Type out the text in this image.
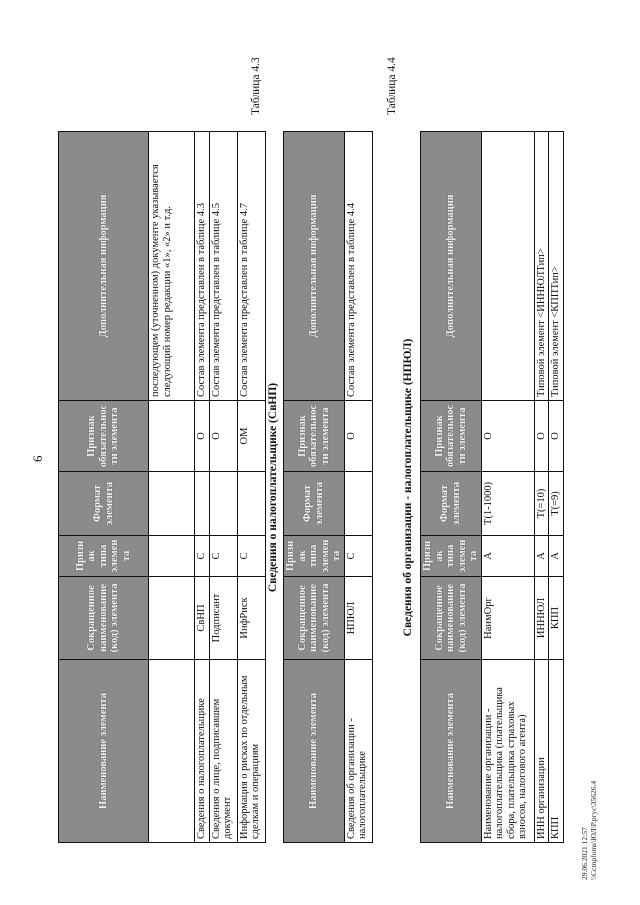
6
Наименование элемента	Сокращенное наименование (код) элемента	Признак типа элемента	Формат элемента	Признак обязательности элемента	Дополнительная информация
					последующем (уточненном) документе указывается следующий номер редакции «1», «2» и т.д.
Сведения о налогоплательщике	СвНП	С		О	Состав элемента представлен в таблице 4.3
Сведения о лице, подписавшем документ	Подписант	С		О	Состав элемента представлен в таблице 4.5
Информация о рисках по отдельным сделкам и операциям	ИнфРиск	С		ОМ	Состав элемента представлен в таблице 4.7
Таблица 4.3
Сведения о налогоплательщике (СвНП)
Наименование элемента	Сокращенное наименование (код) элемента	Признак типа элемента	Формат элемента	Признак обязательности элемента	Дополнительная информация
Сведения об организации - налогоплательщике	НПЮЛ	С		О	Состав элемента представлен в таблице 4.4
Таблица 4.4
Сведения об организации - налогоплательщике (НПЮЛ)
Наименование элемента	Сокращенное наименование (код) элемента	Признак типа элемента	Формат элемента	Признак обязательности элемента	Дополнительная информация
Наименование организации - налогоплательщика (плательщика сбора, плательщика страховых взносов, налогового агента)	НаимОрг	А	T(1-1000)	О	
ИНН организации	ИННЮЛ	А	T(=10)	О	Типовой элемент <ИННЮЛТип>
КПП	КПП	А	T(=9)	О	Типовой элемент <КППТип>
29.06.2021 12:57 \\Ccmpfoms\ЮЛ\Р.ргус\35626.4
